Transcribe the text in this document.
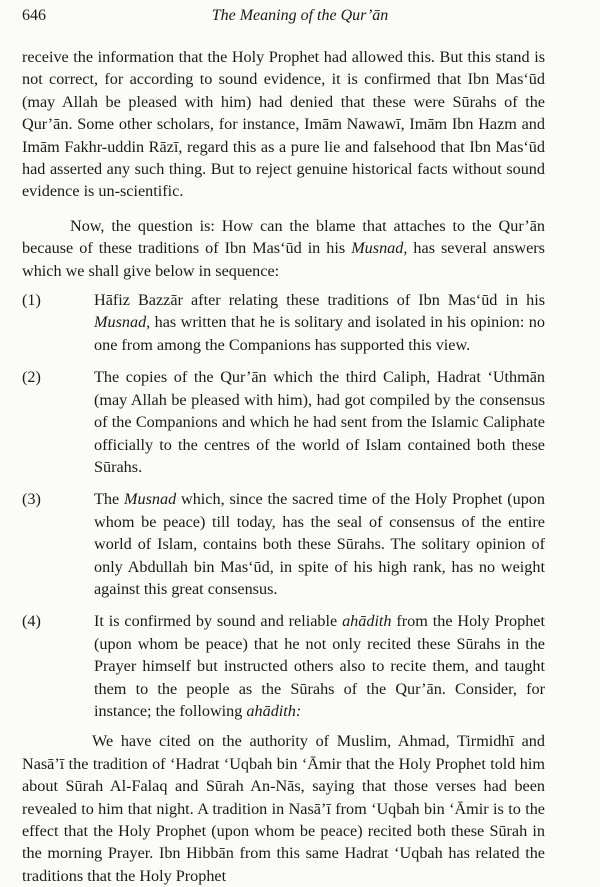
646	The Meaning of the Qur’ān

receive the information that the Holy Prophet had allowed this. But this stand is not correct, for according to sound evidence, it is confirmed that Ibn Mas‘ūd (may Allah be pleased with him) had denied that these were Sūrahs of the Qur’ān. Some other scholars, for instance, Imām Nawawī, Imām Ibn Hazm and Imām Fakhr-uddin Rāzī, regard this as a pure lie and falsehood that Ibn Mas‘ūd had asserted any such thing. But to reject genuine historical facts without sound evidence is un-scientific.

Now, the question is: How can the blame that attaches to the Qur’ān because of these traditions of Ibn Mas‘ūd in his Musnad, has several answers which we shall give below in sequence:

(1)	Hāfiz Bazzār after relating these traditions of Ibn Mas‘ūd in his Musnad, has written that he is solitary and isolated in his opinion: no one from among the Companions has supported this view.
(2)	The copies of the Qur’ān which the third Caliph, Hadrat ‘Uthmān (may Allah be pleased with him), had got compiled by the consensus of the Companions and which he had sent from the Islamic Caliphate officially to the centres of the world of Islam contained both these Sūrahs.
(3)	The Musnad which, since the sacred time of the Holy Prophet (upon whom be peace) till today, has the seal of consensus of the entire world of Islam, contains both these Sūrahs. The solitary opinion of only Abdullah bin Mas‘ūd, in spite of his high rank, has no weight against this great consensus.
(4)	It is confirmed by sound and reliable ahādith from the Holy Prophet (upon whom be peace) that he not only recited these Sūrahs in the Prayer himself but instructed others also to recite them, and taught them to the people as the Sūrahs of the Qur’ān. Consider, for instance; the following ahādith:

We have cited on the authority of Muslim, Ahmad, Tirmidhī and Nasā’ī the tradition of ‘Hadrat ‘Uqbah bin ‘Āmir that the Holy Prophet told him about Sūrah Al-Falaq and Sūrah An-Nās, saying that those verses had been revealed to him that night. A tradition in Nasā’ī from ‘Uqbah bin ‘Āmir is to the effect that the Holy Prophet (upon whom be peace) recited both these Sūrah in the morning Prayer. Ibn Hibbān from this same Hadrat ‘Uqbah has related the traditions that the Holy Prophet
